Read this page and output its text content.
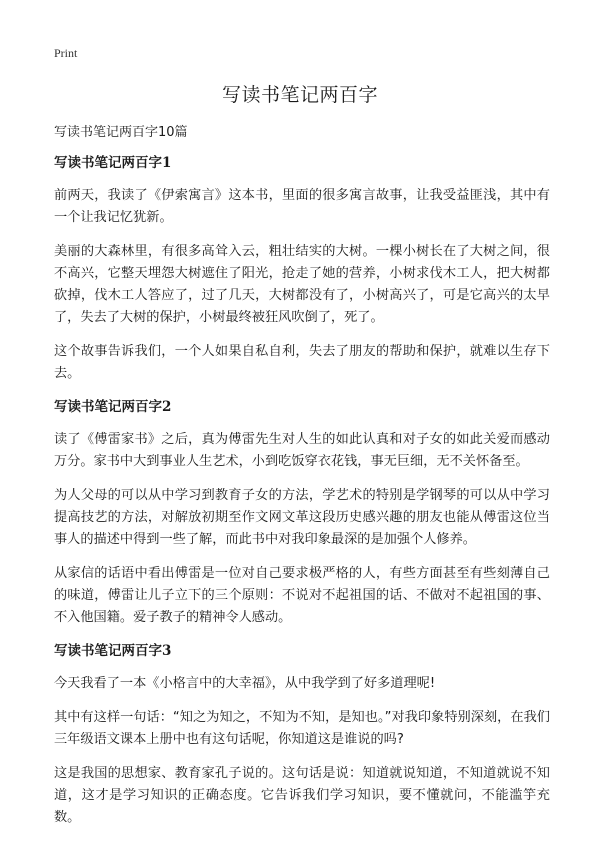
Print
写读书笔记两百字

写读书笔记两百字10篇

写读书笔记两百字1

前两天，我读了《伊索寓言》这本书，里面的很多寓言故事，让我受益匪浅，其中有一个让我记忆犹新。

美丽的大森林里，有很多高耸入云，粗壮结实的大树。一棵小树长在了大树之间，很不高兴，它整天埋怨大树遮住了阳光，抢走了她的营养，小树求伐木工人，把大树都砍掉，伐木工人答应了，过了几天，大树都没有了，小树高兴了，可是它高兴的太早了，失去了大树的保护，小树最终被狂风吹倒了，死了。

这个故事告诉我们，一个人如果自私自利，失去了朋友的帮助和保护，就难以生存下去。

写读书笔记两百字2

读了《傅雷家书》之后，真为傅雷先生对人生的如此认真和对子女的如此关爱而感动万分。家书中大到事业人生艺术，小到吃饭穿衣花钱，事无巨细，无不关怀备至。

为人父母的可以从中学习到教育子女的方法，学艺术的特别是学钢琴的可以从中学习提高技艺的方法，对解放初期至作文网文革这段历史感兴趣的朋友也能从傅雷这位当事人的描述中得到一些了解，而此书中对我印象最深的是加强个人修养。

从家信的话语中看出傅雷是一位对自己要求极严格的人，有些方面甚至有些刻薄自己的味道，傅雷让儿子立下的三个原则：不说对不起祖国的话、不做对不起祖国的事、不入他国籍。爱子教子的精神令人感动。

写读书笔记两百字3

今天我看了一本《小格言中的大幸福》，从中我学到了好多道理呢!

其中有这样一句话：“知之为知之，不知为不知，是知也。”对我印象特别深刻，在我们三年级语文课本上册中也有这句话呢，你知道这是谁说的吗?

这是我国的思想家、教育家孔子说的。这句话是说：知道就说知道，不知道就说不知道，这才是学习知识的正确态度。它告诉我们学习知识，要不懂就问，不能滥竽充数。
